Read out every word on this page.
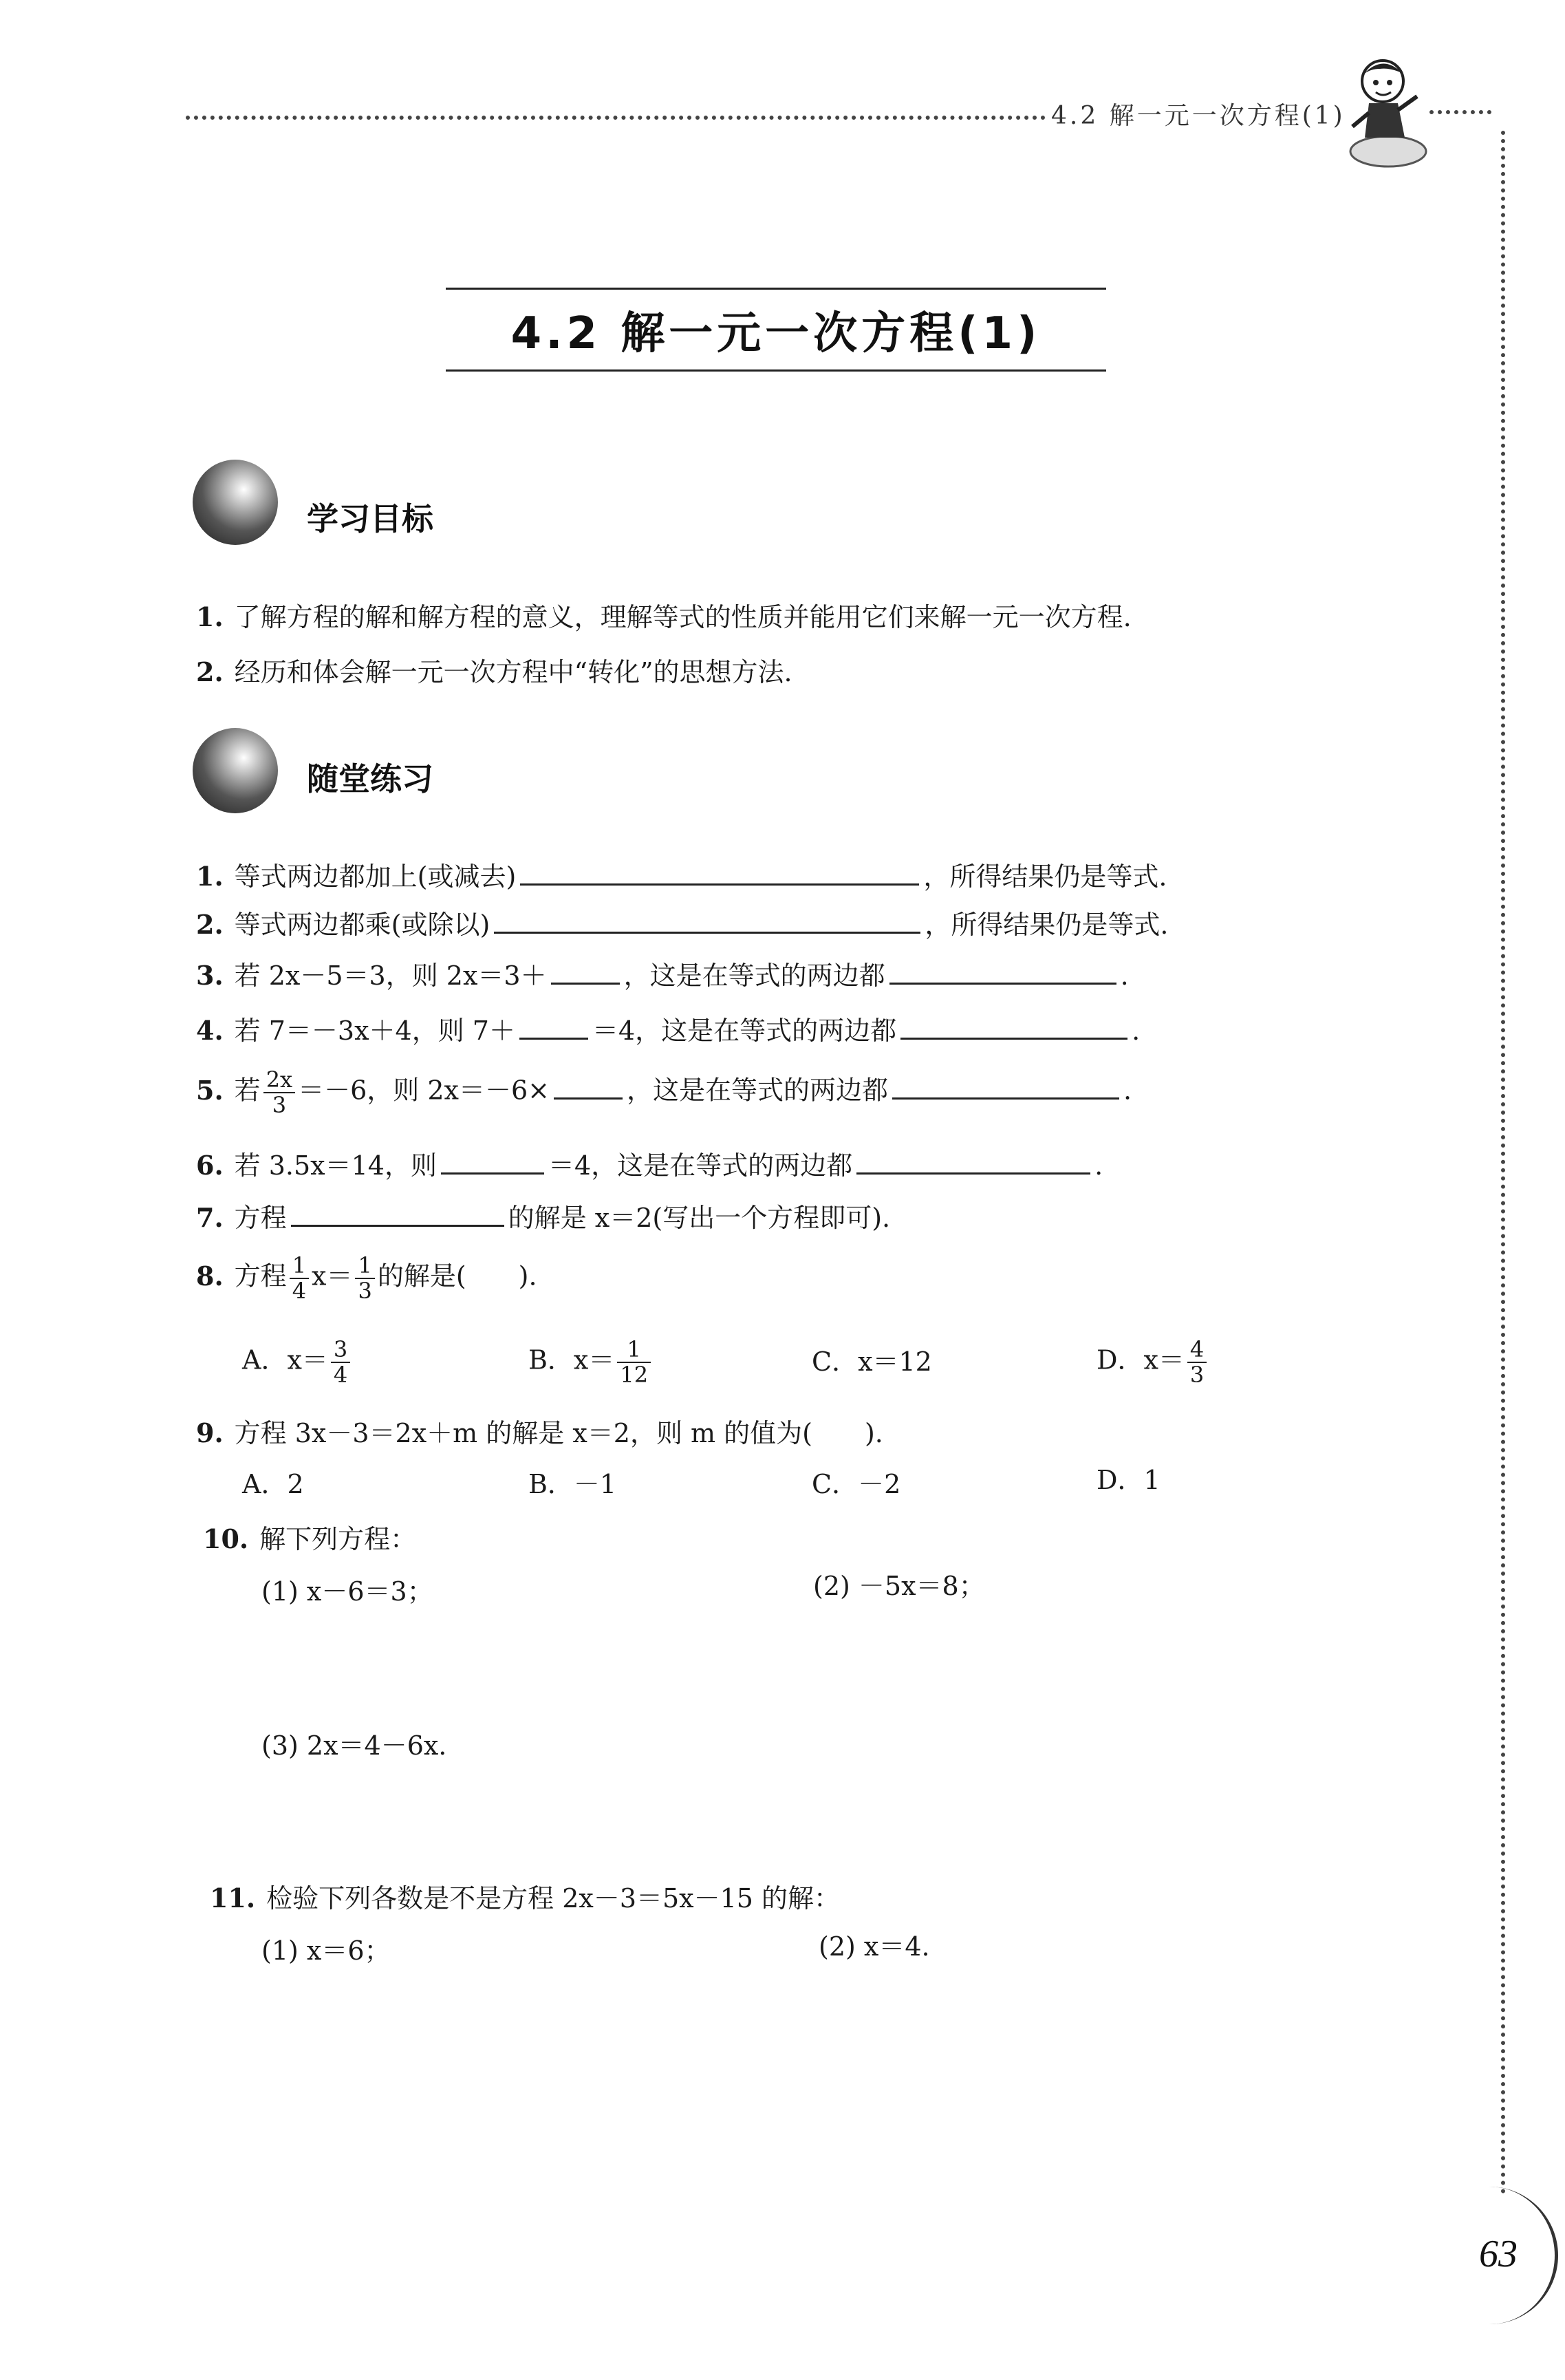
4.2 解一元一次方程(1)
4.2 解一元一次方程(1)
学习目标
1. 了解方程的解和解方程的意义，理解等式的性质并能用它们来解一元一次方程.
2. 经历和体会解一元一次方程中“转化”的思想方法.
随堂练习
1. 等式两边都加上(或减去)	，所得结果仍是等式.
2. 等式两边都乘(或除以)	，所得结果仍是等式.
3. 若 2x－5＝3，则 2x＝3＋	，这是在等式的两边都	.
4. 若 7＝－3x＋4，则 7＋	＝4，这是在等式的两边都	.
5. 若 $\frac{2x}{3} =-6$，则 2x＝－6×	，这是在等式的两边都	.
6. 若 3.5x＝14，则	＝4，这是在等式的两边都	.
7. 方程	的解是 x＝2(写出一个方程即可).
8. 方程 $\frac{1}{4} x= \frac{1}{3}$ 的解是(　　).
A．$x= \frac{3}{4}$	B．$x= \frac{1}{12}$	C．x＝12	D．$x= \frac{4}{3}$
9. 方程 3x－3＝2x＋m 的解是 x＝2，则 m 的值为(　　).
A．2	B．－1	C．－2	D．1
10. 解下列方程：
(1) x－6＝3；	(2) －5x＝8；
(3) 2x＝4－6x.
11. 检验下列各数是不是方程 2x－3＝5x－15 的解：
(1) x＝6；	(2) x＝4.
63
